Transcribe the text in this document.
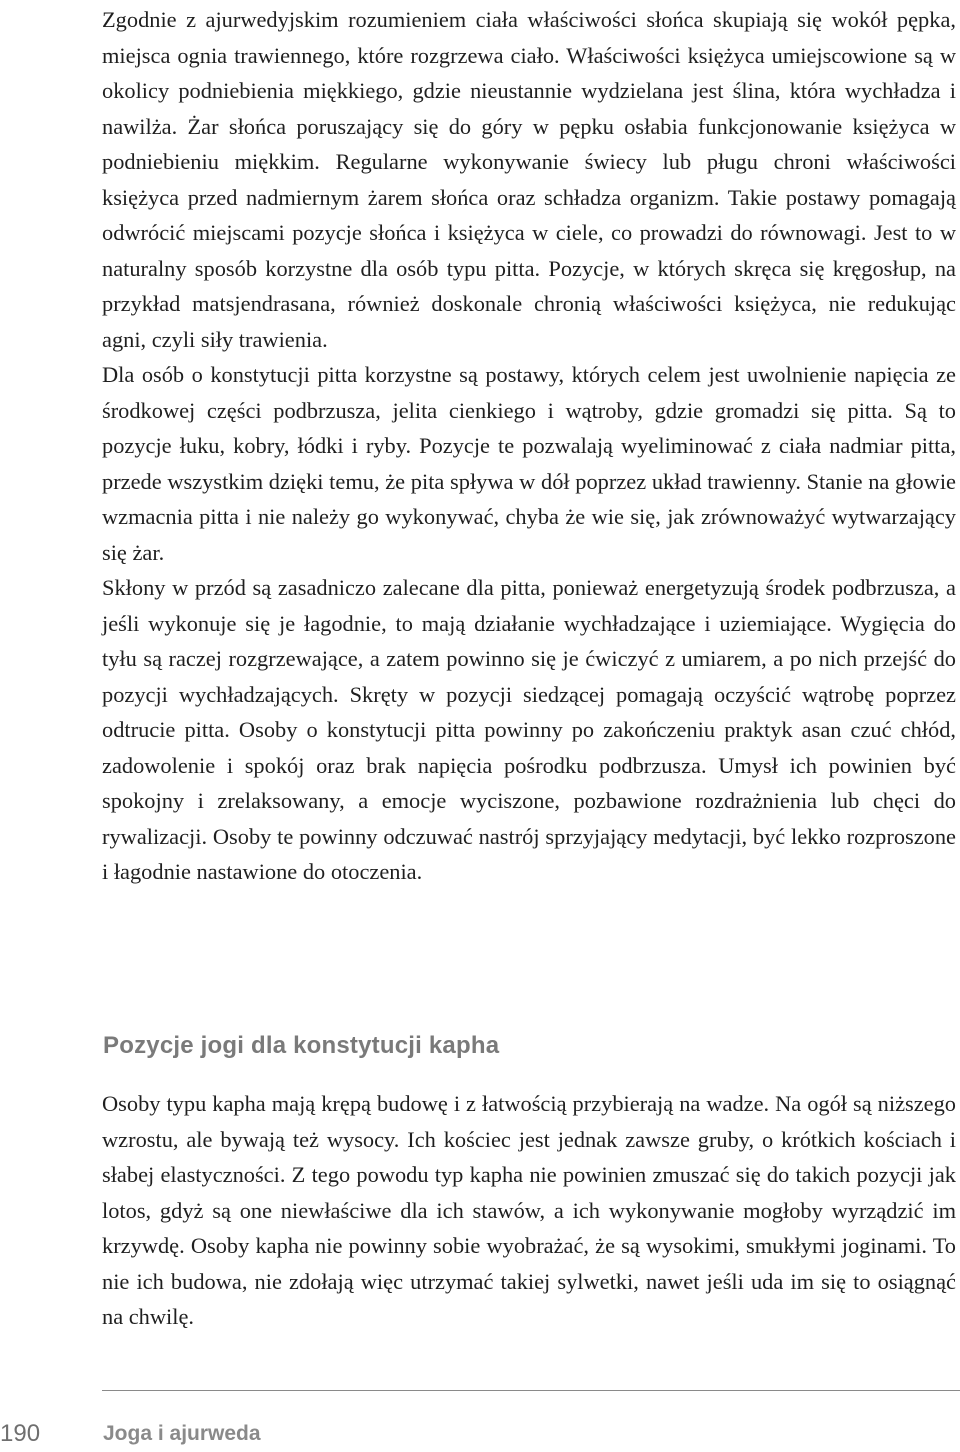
Zgodnie z ajurwedyjskim rozumieniem ciała właściwości słońca skupiają się wokół pępka, miejsca ognia trawiennego, które rozgrzewa ciało. Właściwości księżyca umiejscowione są w okolicy podniebienia miękkiego, gdzie nieustannie wydzielana jest ślina, która wychładza i nawilża. Żar słońca poruszający się do góry w pępku osłabia funkcjonowanie księżyca w podniebieniu miękkim. Regularne wykonywanie świecy lub pługu chroni właściwości księżyca przed nadmiernym żarem słońca oraz schładza organizm. Takie postawy pomagają odwrócić miejscami pozycje słońca i księżyca w ciele, co prowadzi do równowagi. Jest to w naturalny sposób korzystne dla osób typu pitta. Pozycje, w których skręca się kręgosłup, na przykład matsjendrasana, również doskonale chronią właściwości księżyca, nie redukując agni, czyli siły trawienia.

Dla osób o konstytucji pitta korzystne są postawy, których celem jest uwolnienie napięcia ze środkowej części podbrzusza, jelita cienkiego i wątroby, gdzie gromadzi się pitta. Są to pozycje łuku, kobry, łódki i ryby. Pozycje te pozwalają wyeliminować z ciała nadmiar pitta, przede wszystkim dzięki temu, że pita spływa w dół poprzez układ trawienny. Stanie na głowie wzmacnia pitta i nie należy go wykonywać, chyba że wie się, jak zrównoważyć wytwarzający się żar.

Skłony w przód są zasadniczo zalecane dla pitta, ponieważ energetyzują środek podbrzusza, a jeśli wykonuje się je łagodnie, to mają działanie wychładzające i uziemiające. Wygięcia do tyłu są raczej rozgrzewające, a zatem powinno się je ćwiczyć z umiarem, a po nich przejść do pozycji wychładzających. Skręty w pozycji siedzącej pomagają oczyścić wątrobę poprzez odtrucie pitta. Osoby o konstytucji pitta powinny po zakończeniu praktyk asan czuć chłód, zadowolenie i spokój oraz brak napięcia pośrodku podbrzusza. Umysł ich powinien być spokojny i zrelaksowany, a emocje wyciszone, pozbawione rozdrażnienia lub chęci do rywalizacji. Osoby te powinny odczuwać nastrój sprzyjający medytacji, być lekko rozproszone i łagodnie nastawione do otoczenia.

Pozycje jogi dla konstytucji kapha

Osoby typu kapha mają krępą budowę i z łatwością przybierają na wadze. Na ogół są niższego wzrostu, ale bywają też wysocy. Ich kościec jest jednak zawsze gruby, o krótkich kościach i słabej elastyczności. Z tego powodu typ kapha nie powinien zmuszać się do takich pozycji jak lotos, gdyż są one niewłaściwe dla ich stawów, a ich wykonywanie mogłoby wyrządzić im krzywdę. Osoby kapha nie powinny sobie wyobrażać, że są wysokimi, smukłymi joginami. To nie ich budowa, nie zdołają więc utrzymać takiej sylwetki, nawet jeśli uda im się to osiągnąć na chwilę.

190	Joga i ajurweda
